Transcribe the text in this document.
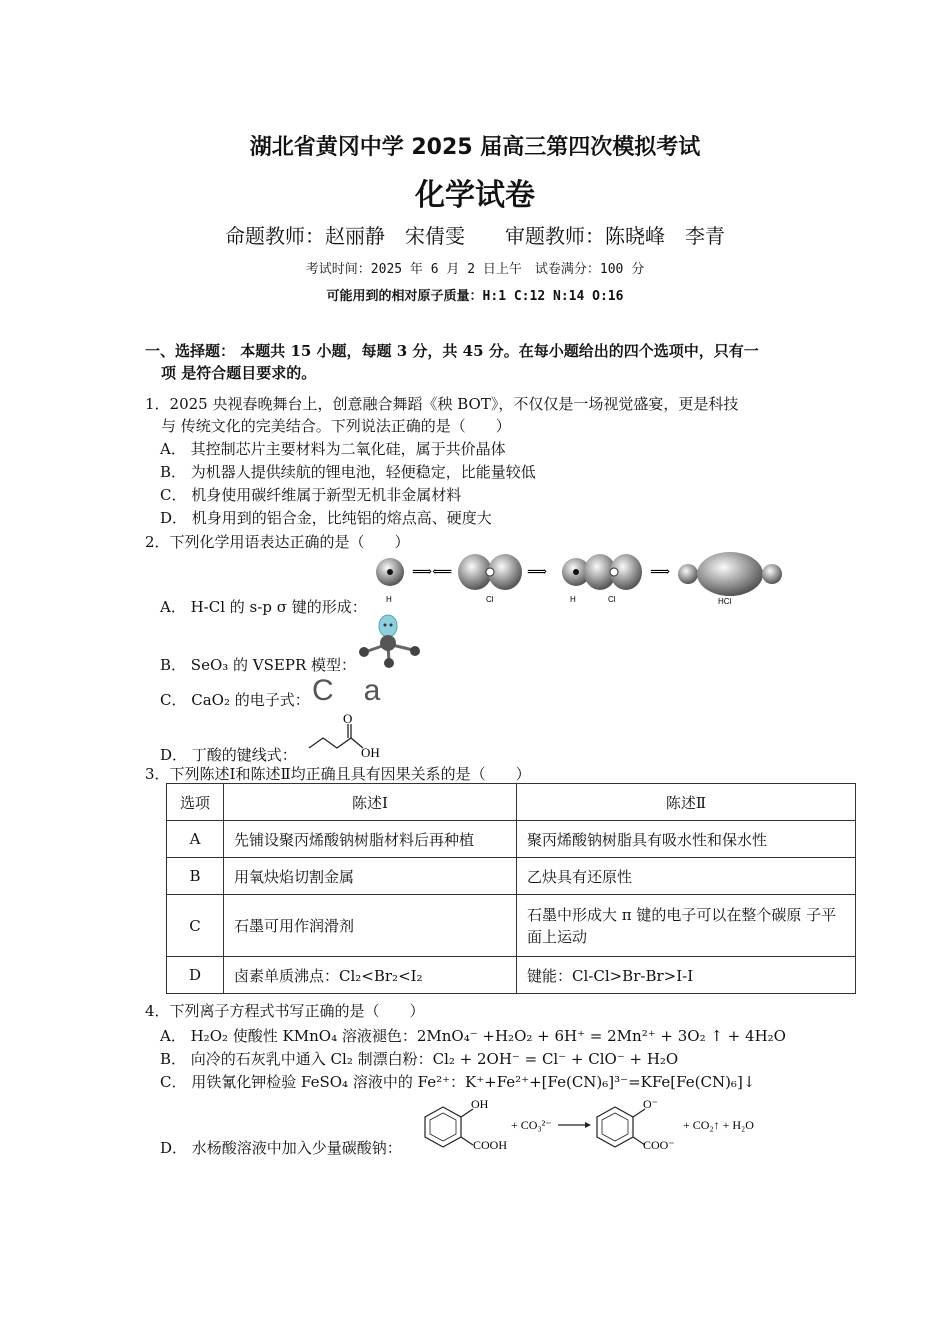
湖北省黄冈中学 2025 届高三第四次模拟考试
化学试卷
命题教师：赵丽静　宋倩雯　　审题教师：陈晓峰　李青
考试时间：2025 年 6 月 2 日上午　试卷满分：100 分
可能用到的相对原子质量：H:1 C:12 N:14 O:16
一、选择题： 本题共 15 小题，每题 3 分，共 45 分。在每小题给出的四个选项中，只有一
项 是符合题目要求的。
1．2025 央视春晚舞台上，创意融合舞蹈《秧 BOT》，不仅仅是一场视觉盛宴，更是科技
与 传统文化的完美结合。下列说法正确的是（　　）
A． 其控制芯片主要材料为二氧化硅，属于共价晶体
B． 为机器人提供续航的锂电池，轻便稳定，比能量较低
C． 机身使用碳纤维属于新型无机非金属材料
D． 机身用到的铝合金，比纯铝的熔点高、硬度大
2．下列化学用语表达正确的是（　　）
A． H-Cl 的 s-p σ 键的形成： H
⟹⟸
Cl
⟹
H	Cl
⟹
HCl
B． SeO₃ 的 VSEPR 模型：
C． CaO₂ 的电子式： C a
D． 丁酸的键线式：
O
OH
3．下列陈述Ⅰ和陈述Ⅱ均正确且具有因果关系的是（　　）
选项	陈述Ⅰ	陈述Ⅱ
A	先铺设聚丙烯酸钠树脂材料后再种植	聚丙烯酸钠树脂具有吸水性和保水性
B	用氧炔焰切割金属	乙炔具有还原性
C	石墨可用作润滑剂	石墨中形成大 π 键的电子可以在整个碳原 子平面上运动
D	卤素单质沸点：Cl₂<Br₂<I₂	键能：Cl-Cl>Br-Br>I-I
4．下列离子方程式书写正确的是（　　）
A． H₂O₂ 使酸性 KMnO₄ 溶液褪色：2MnO₄⁻ +H₂O₂ + 6H⁺ = 2Mn²⁺ + 3O₂ ↑ + 4H₂O
B． 向冷的石灰乳中通入 Cl₂ 制漂白粉：Cl₂ + 2OH⁻ = Cl⁻ + ClO⁻ + H₂O
C． 用铁氰化钾检验 FeSO₄ 溶液中的 Fe²⁺：K⁺+Fe²⁺+[Fe(CN)₆]³⁻=KFe[Fe(CN)₆]↓
D． 水杨酸溶液中加入少量碳酸钠：
OH
COOH
+ CO₃²⁻
O⁻
COO⁻
+ CO₂↑ + H₂O
